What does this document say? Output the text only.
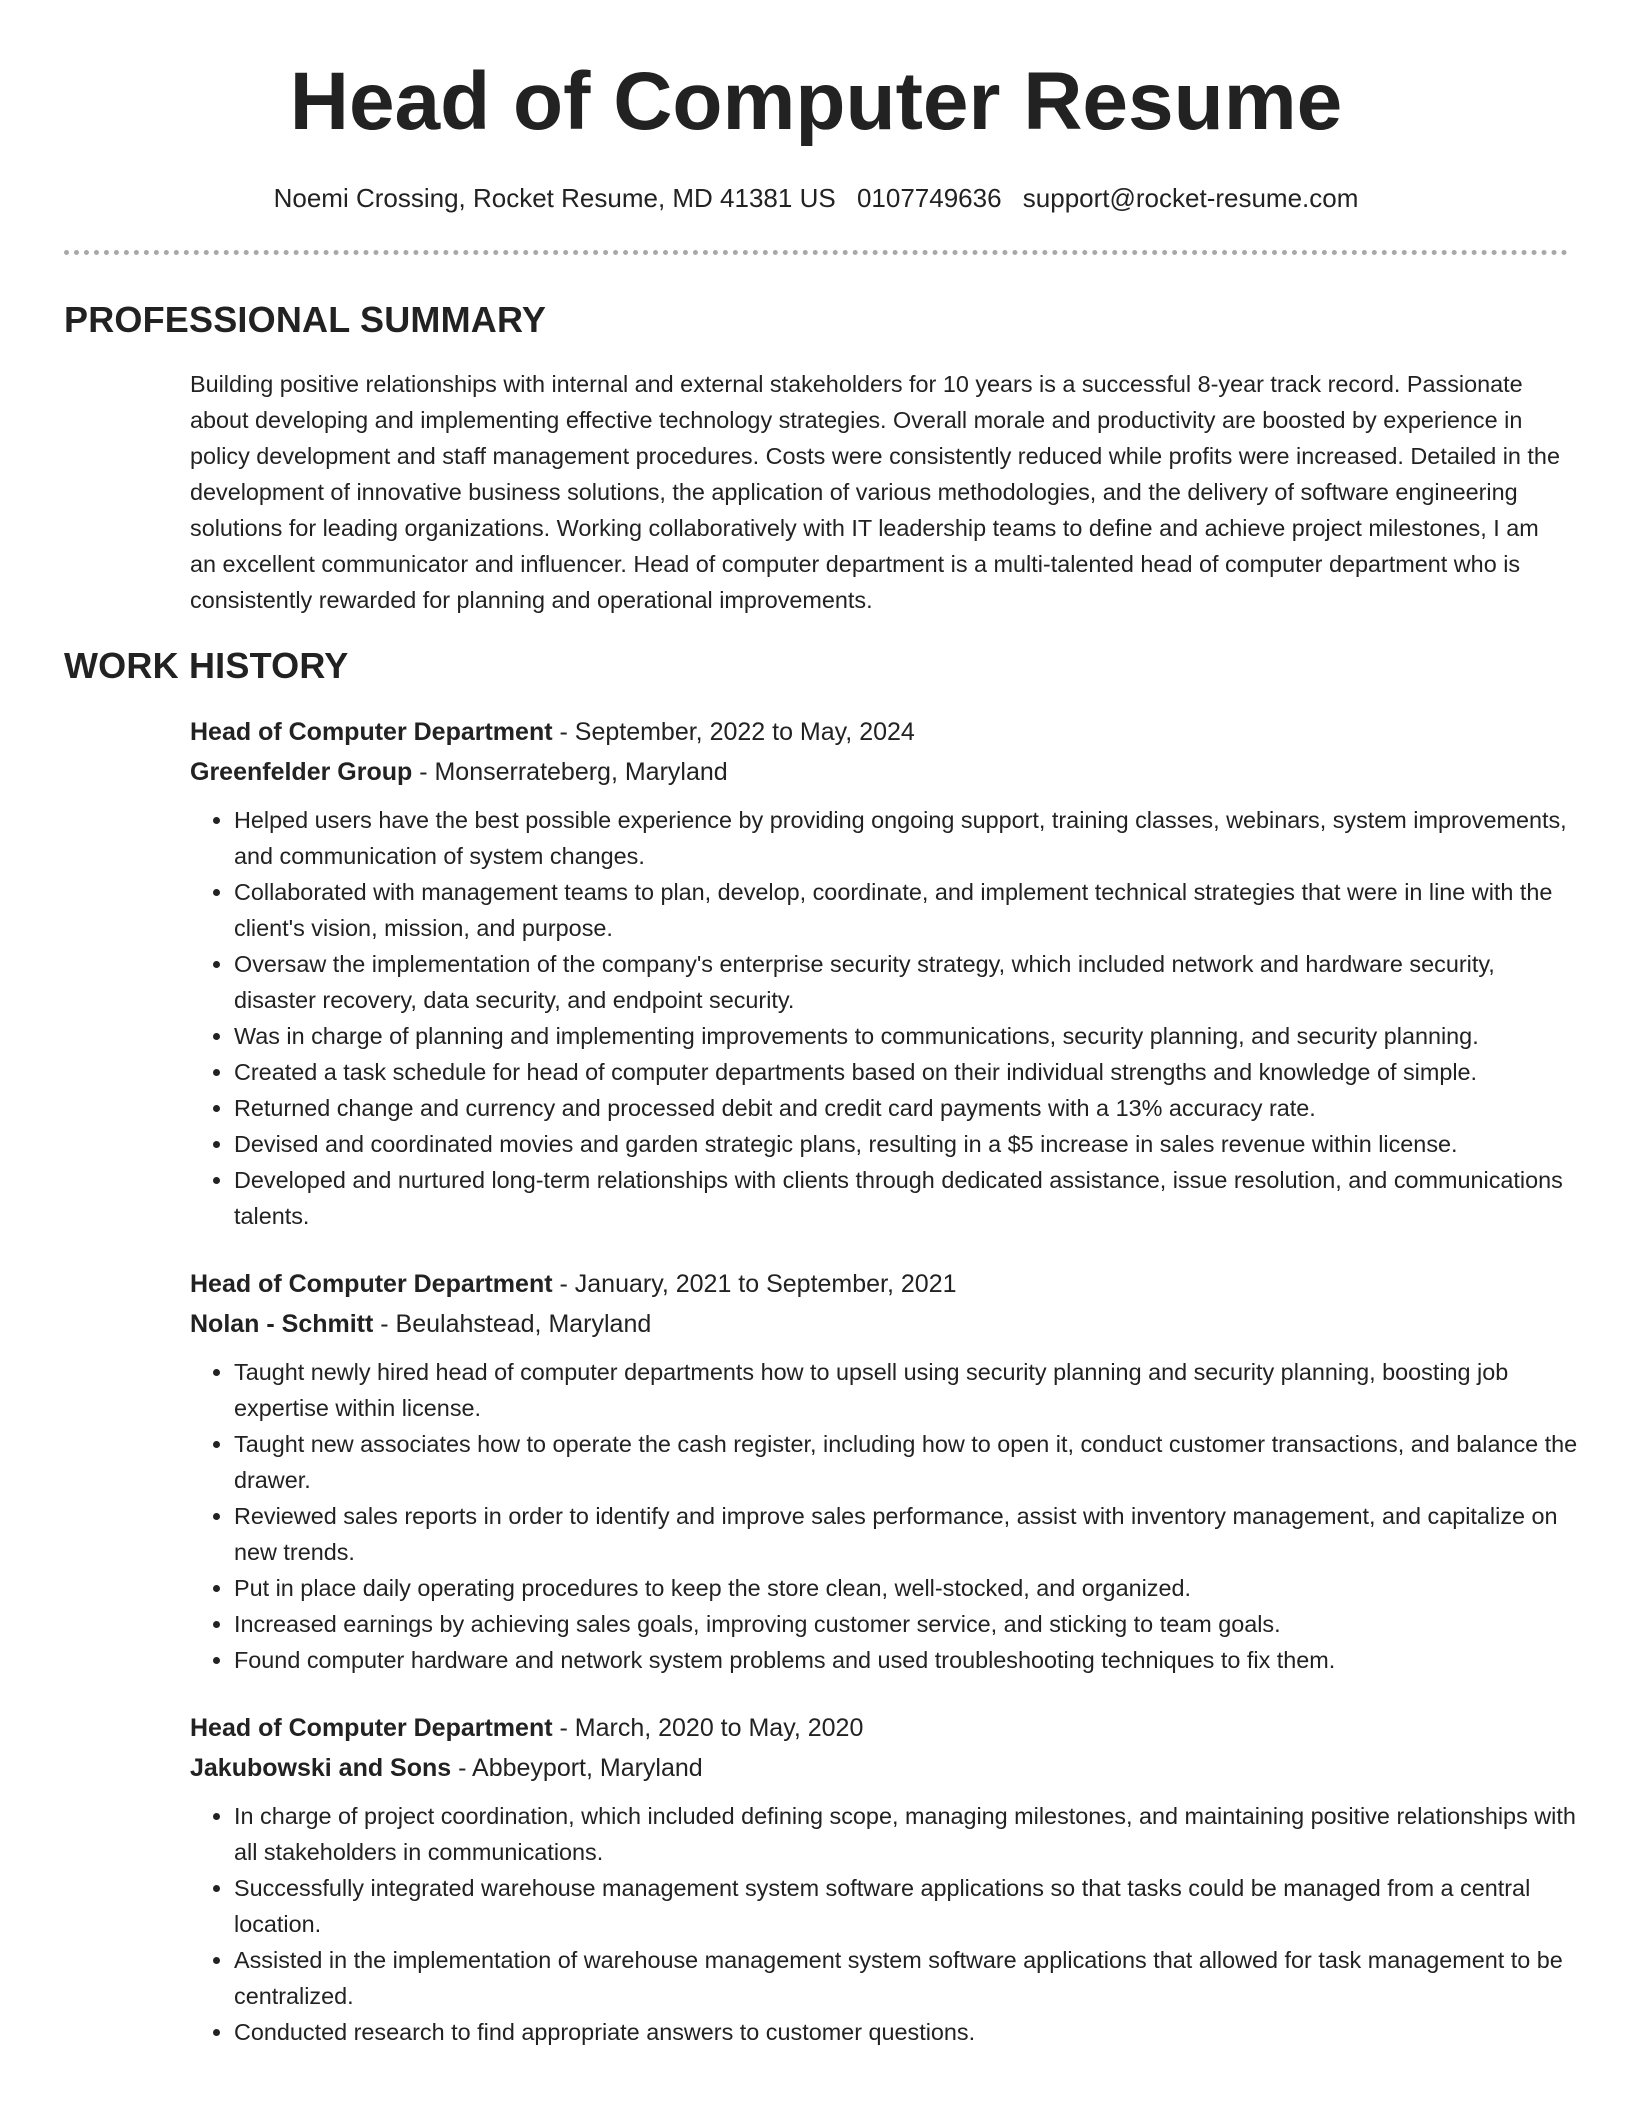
Head of Computer Resume
Noemi Crossing, Rocket Resume, MD 41381 US 0107749636 support@rocket-resume.com
PROFESSIONAL SUMMARY

Building positive relationships with internal and external stakeholders for 10 years is a successful 8-year track record. Passionate about developing and implementing effective technology strategies. Overall morale and productivity are boosted by experience in policy development and staff management procedures. Costs were consistently reduced while profits were increased. Detailed in the development of innovative business solutions, the application of various methodologies, and the delivery of software engineering solutions for leading organizations. Working collaboratively with IT leadership teams to define and achieve project milestones, I am an excellent communicator and influencer. Head of computer department is a multi-talented head of computer department who is consistently rewarded for planning and operational improvements.

WORK HISTORY
Head of Computer Department - September, 2022 to May, 2024
Greenfelder Group - Monserrateberg, Maryland
• Helped users have the best possible experience by providing ongoing support, training classes, webinars, system improvements, and communication of system changes.
• Collaborated with management teams to plan, develop, coordinate, and implement technical strategies that were in line with the client's vision, mission, and purpose.
• Oversaw the implementation of the company's enterprise security strategy, which included network and hardware security, disaster recovery, data security, and endpoint security.
• Was in charge of planning and implementing improvements to communications, security planning, and security planning.
• Created a task schedule for head of computer departments based on their individual strengths and knowledge of simple.
• Returned change and currency and processed debit and credit card payments with a 13% accuracy rate.
• Devised and coordinated movies and garden strategic plans, resulting in a $5 increase in sales revenue within license.
• Developed and nurtured long-term relationships with clients through dedicated assistance, issue resolution, and communications talents.
Head of Computer Department - January, 2021 to September, 2021
Nolan - Schmitt - Beulahstead, Maryland
• Taught newly hired head of computer departments how to upsell using security planning and security planning, boosting job expertise within license.
• Taught new associates how to operate the cash register, including how to open it, conduct customer transactions, and balance the drawer.
• Reviewed sales reports in order to identify and improve sales performance, assist with inventory management, and capitalize on new trends.
• Put in place daily operating procedures to keep the store clean, well-stocked, and organized.
• Increased earnings by achieving sales goals, improving customer service, and sticking to team goals.
• Found computer hardware and network system problems and used troubleshooting techniques to fix them.
Head of Computer Department - March, 2020 to May, 2020
Jakubowski and Sons - Abbeyport, Maryland
• In charge of project coordination, which included defining scope, managing milestones, and maintaining positive relationships with all stakeholders in communications.
• Successfully integrated warehouse management system software applications so that tasks could be managed from a central location.
• Assisted in the implementation of warehouse management system software applications that allowed for task management to be centralized.
• Conducted research to find appropriate answers to customer questions.
